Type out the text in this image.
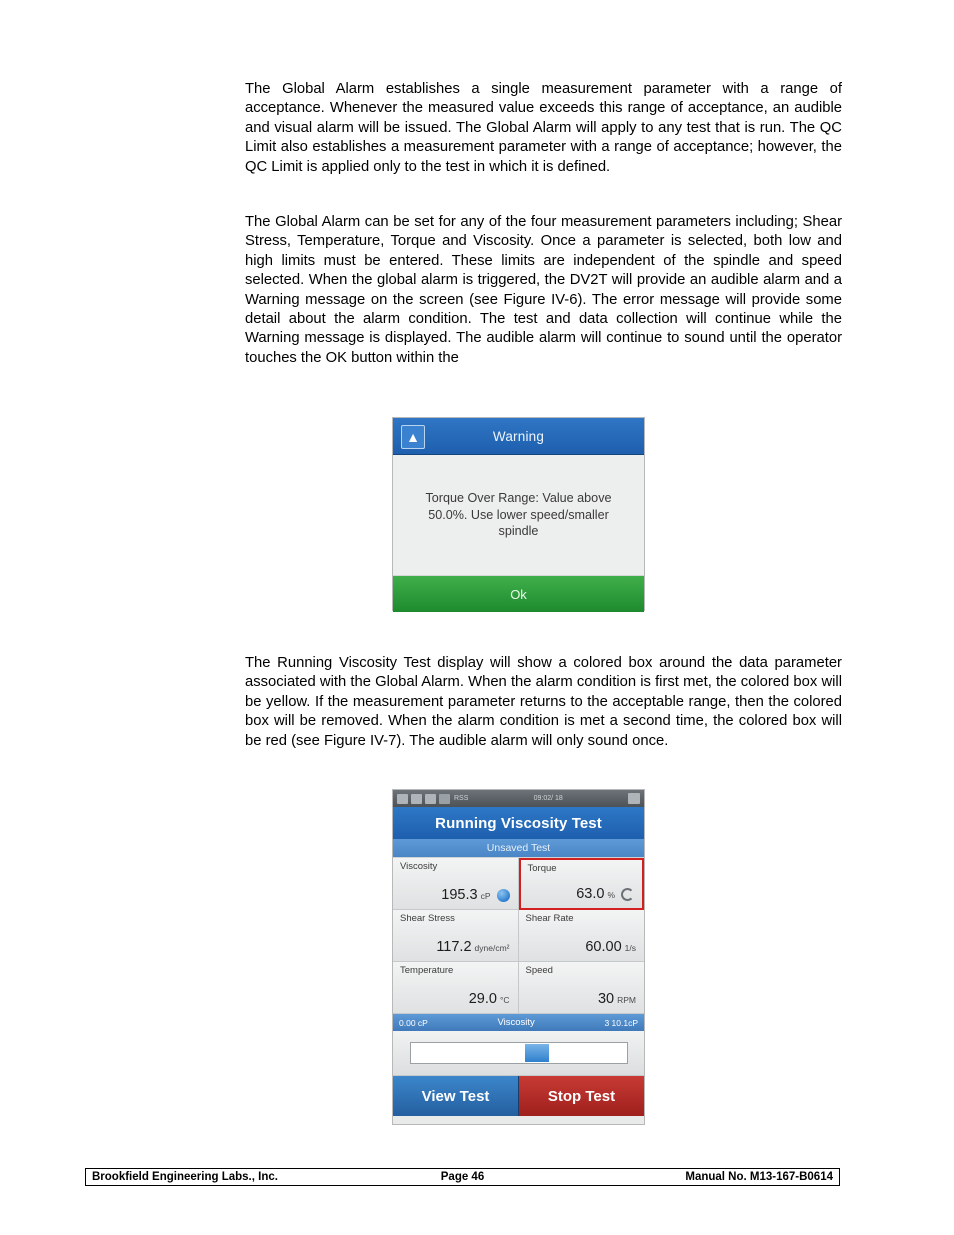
The Global Alarm establishes a single measurement parameter with a range of acceptance. Whenever the measured value exceeds this range of acceptance, an audible and visual alarm will be issued. The Global Alarm will apply to any test that is run. The QC Limit also establishes a measurement parameter with a range of acceptance; however, the QC Limit is applied only to the test in which it is defined.

The Global Alarm can be set for any of the four measurement parameters including; Shear Stress, Temperature, Torque and Viscosity. Once a parameter is selected, both low and high limits must be entered. These limits are independent of the spindle and speed selected. When the global alarm is triggered, the DV2T will provide an audible alarm and a Warning message on the screen (see Figure IV-6). The error message will provide some detail about the alarm condition. The test and data collection will continue while the Warning message is displayed. The audible alarm will continue to sound until the operator touches the OK button within the

▲	Warning
Torque Over Range: Value above 50.0%. Use lower speed/smaller spindle
Ok

The Running Viscosity Test display will show a colored box around the data parameter associated with the Global Alarm. When the alarm condition is first met, the colored box will be yellow. If the measurement parameter returns to the acceptable range, then the colored box will be removed. When the alarm condition is met a second time, the colored box will be red (see Figure IV-7). The audible alarm will only sound once.

RSS	09:02/ 18
Running Viscosity Test
Unsaved Test
Viscosity
195.3 cP
Torque
63.0 %
Shear Stress
117.2 dyne/cm²
Shear Rate
60.00 1/s
Temperature
29.0 °C
Speed
30 RPM
0.00 cP	Viscosity	3 10.1cP
View Test	Stop Test
Brookfield Engineering Labs., Inc.	Page 46	Manual No. M13-167-B0614
